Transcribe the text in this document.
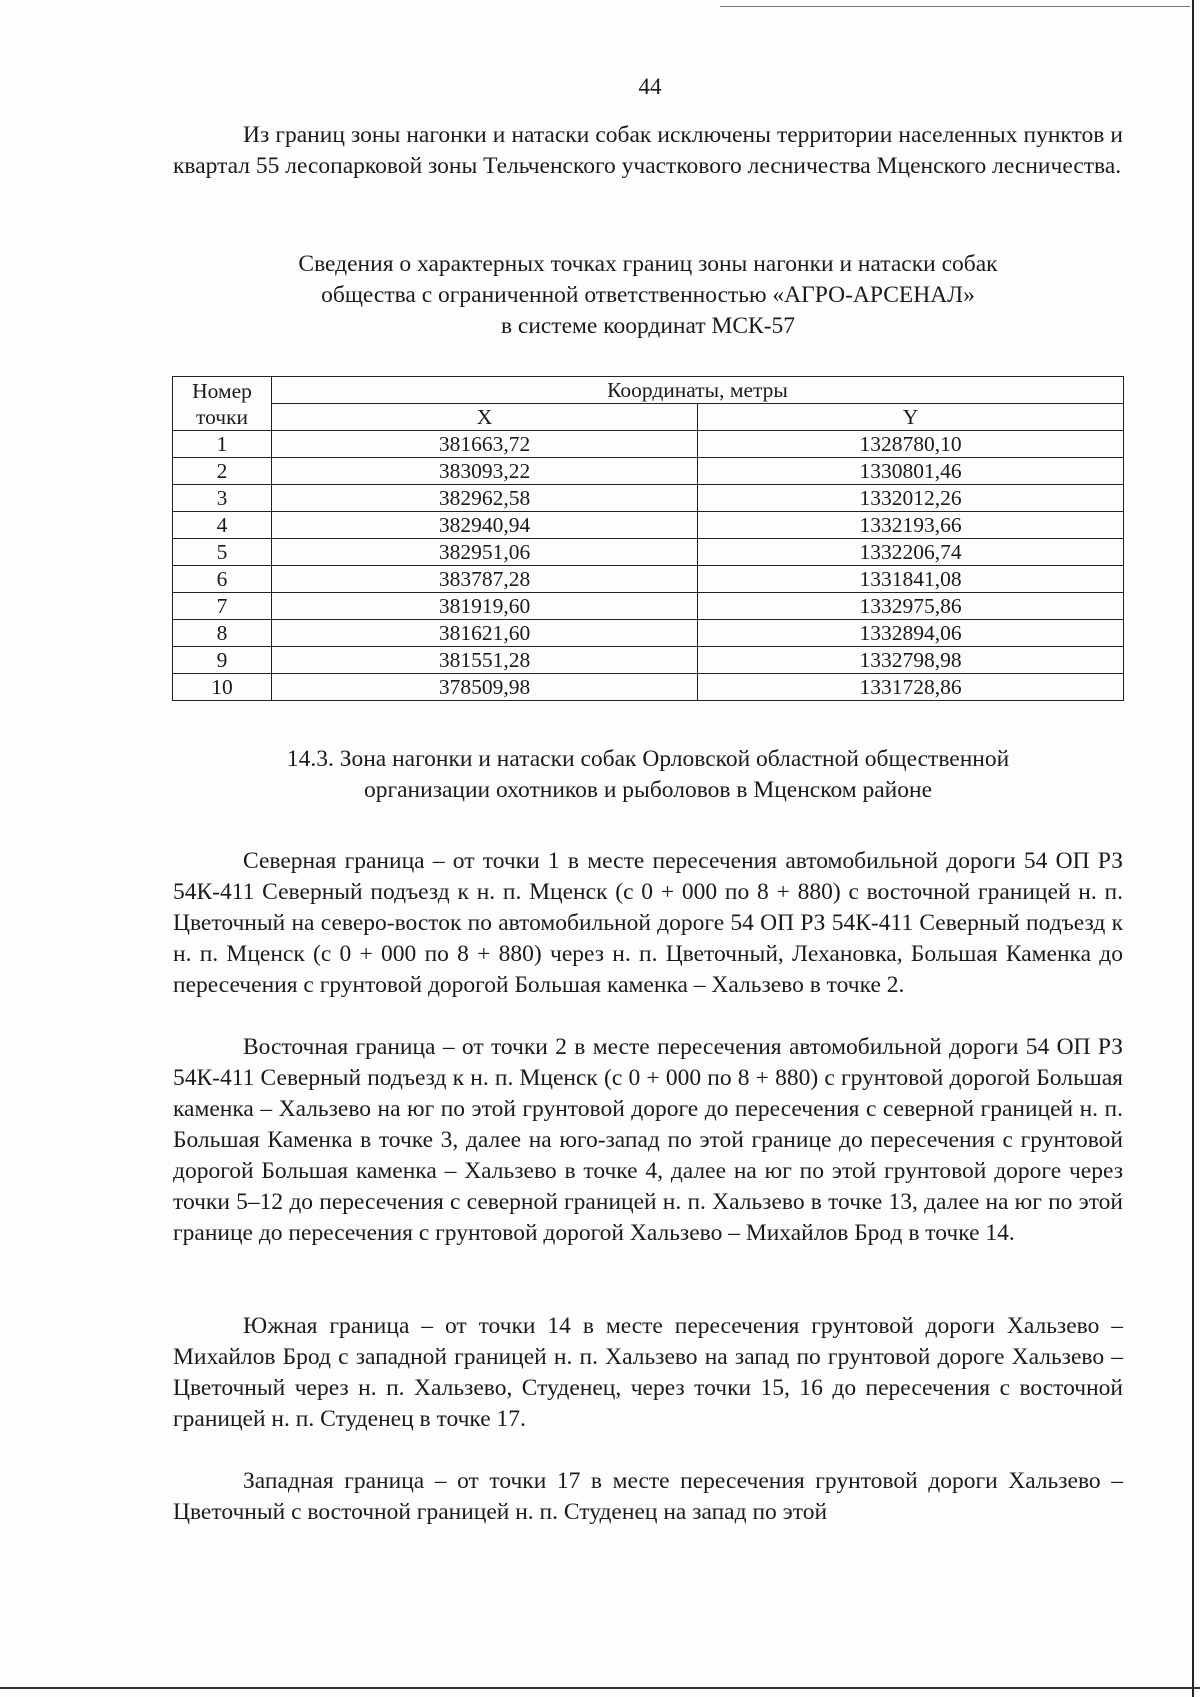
44

Из границ зоны нагонки и натаски собак исключены территории населенных пунктов и квартал 55 лесопарковой зоны Тельченского участкового лесничества Мценского лесничества.

Сведения о характерных точках границ зоны нагонки и натаски собак
общества с ограниченной ответственностью «АГРО-АРСЕНАЛ»
в системе координат МСК-57
Номер
точки	Координаты, метры	
	X	Y
1	381663,72	1328780,10
2	383093,22	1330801,46
3	382962,58	1332012,26
4	382940,94	1332193,66
5	382951,06	1332206,74
6	383787,28	1331841,08
7	381919,60	1332975,86
8	381621,60	1332894,06
9	381551,28	1332798,98
10	378509,98	1331728,86
14.3. Зона нагонки и натаски собак Орловской областной общественной
организации охотников и рыболовов в Мценском районе

Северная граница – от точки 1 в месте пересечения автомобильной дороги 54 ОП РЗ 54К-411 Северный подъезд к н. п. Мценск (с 0 + 000 по 8 + 880) с восточной границей н. п. Цветочный на северо-восток по автомобильной дороге 54 ОП РЗ 54К-411 Северный подъезд к н. п. Мценск (с 0 + 000 по 8 + 880) через н. п. Цветочный, Лехановка, Большая Каменка до пересечения с грунтовой дорогой Большая каменка – Хальзево в точке 2.

Восточная граница – от точки 2 в месте пересечения автомобильной дороги 54 ОП РЗ 54К-411 Северный подъезд к н. п. Мценск (с 0 + 000 по 8 + 880) с грунтовой дорогой Большая каменка – Хальзево на юг по этой грунтовой дороге до пересечения с северной границей н. п. Большая Каменка в точке 3, далее на юго-запад по этой границе до пересечения с грунтовой дорогой Большая каменка – Хальзево в точке 4, далее на юг по этой грунтовой дороге через точки 5–12 до пересечения с северной границей н. п. Хальзево в точке 13, далее на юг по этой границе до пересечения с грунтовой дорогой Хальзево – Михайлов Брод в точке 14.

Южная граница – от точки 14 в месте пересечения грунтовой дороги Хальзево – Михайлов Брод с западной границей н. п. Хальзево на запад по грунтовой дороге Хальзево – Цветочный через н. п. Хальзево, Студенец, через точки 15, 16 до пересечения с восточной границей н. п. Студенец в точке 17.

Западная граница – от точки 17 в месте пересечения грунтовой дороги Хальзево – Цветочный с восточной границей н. п. Студенец на запад по этой
